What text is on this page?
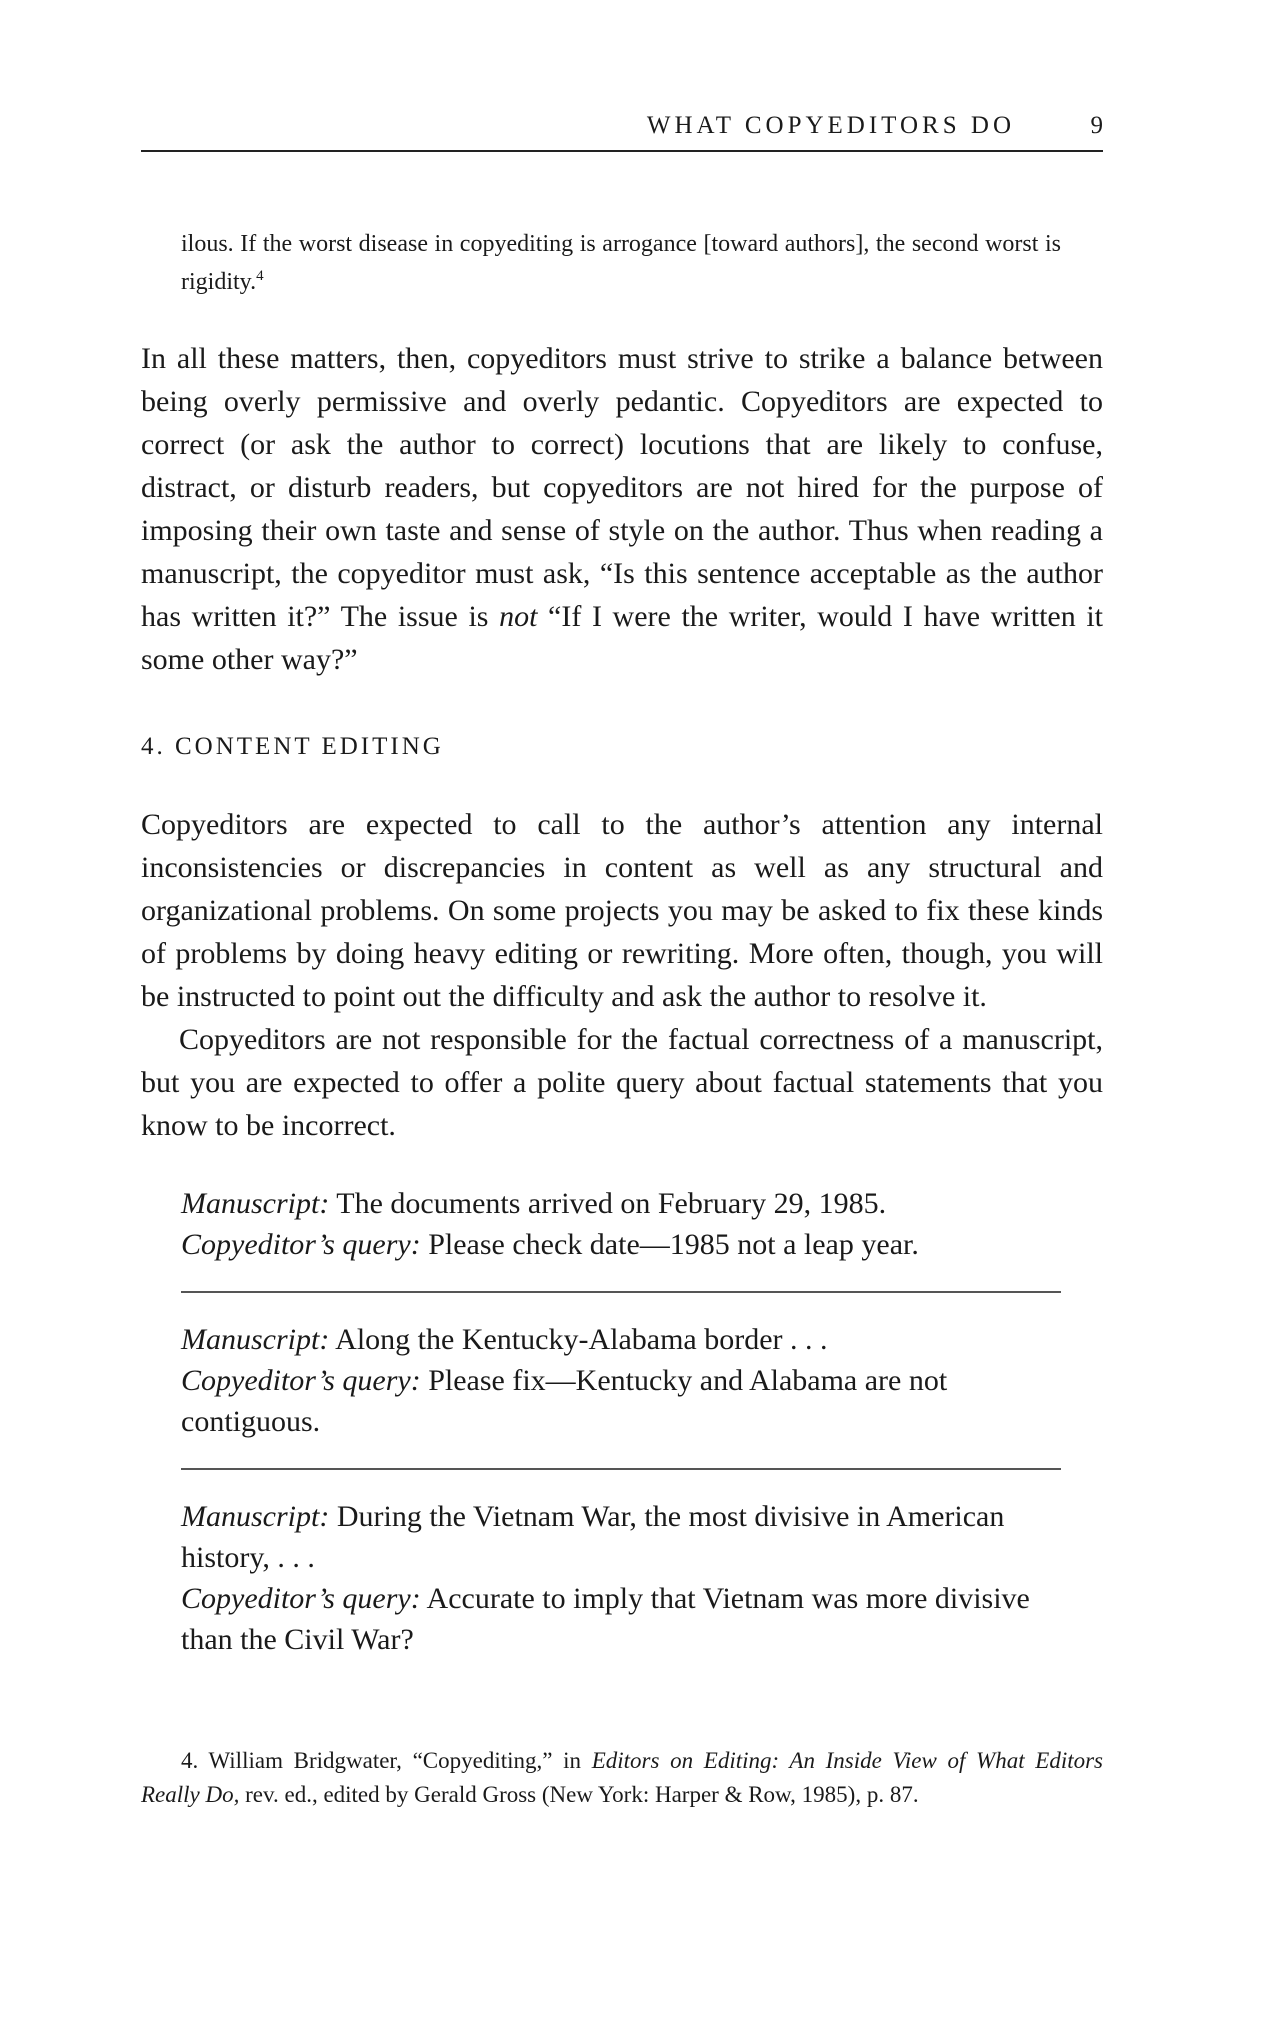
WHAT COPYEDITORS DO	9
ilous. If the worst disease in copyediting is arrogance [toward authors], the second worst is rigidity.$^4$

In all these matters, then, copyeditors must strive to strike a balance between being overly permissive and overly pedantic. Copyeditors are expected to correct (or ask the author to correct) locutions that are likely to confuse, distract, or disturb readers, but copyeditors are not hired for the purpose of imposing their own taste and sense of style on the author. Thus when reading a manuscript, the copyeditor must ask, “Is this sentence acceptable as the author has written it?” The issue is not “If I were the writer, would I have written it some other way?”

4. CONTENT EDITING

Copyeditors are expected to call to the author’s attention any internal inconsistencies or discrepancies in content as well as any structural and organizational problems. On some projects you may be asked to fix these kinds of problems by doing heavy editing or rewriting. More often, though, you will be instructed to point out the difficulty and ask the author to resolve it.

Copyeditors are not responsible for the factual correctness of a manuscript, but you are expected to offer a polite query about factual statements that you know to be incorrect.

Manuscript: The documents arrived on February 29, 1985.
Copyeditor’s query: Please check date—1985 not a leap year.
Manuscript: Along the Kentucky-Alabama border . . .
Copyeditor’s query: Please fix—Kentucky and Alabama are not contiguous.
Manuscript: During the Vietnam War, the most divisive in American history, . . .
Copyeditor’s query: Accurate to imply that Vietnam was more divisive than the Civil War?
4. William Bridgwater, “Copyediting,” in Editors on Editing: An Inside View of What Editors Really Do, rev. ed., edited by Gerald Gross (New York: Harper & Row, 1985), p. 87.
